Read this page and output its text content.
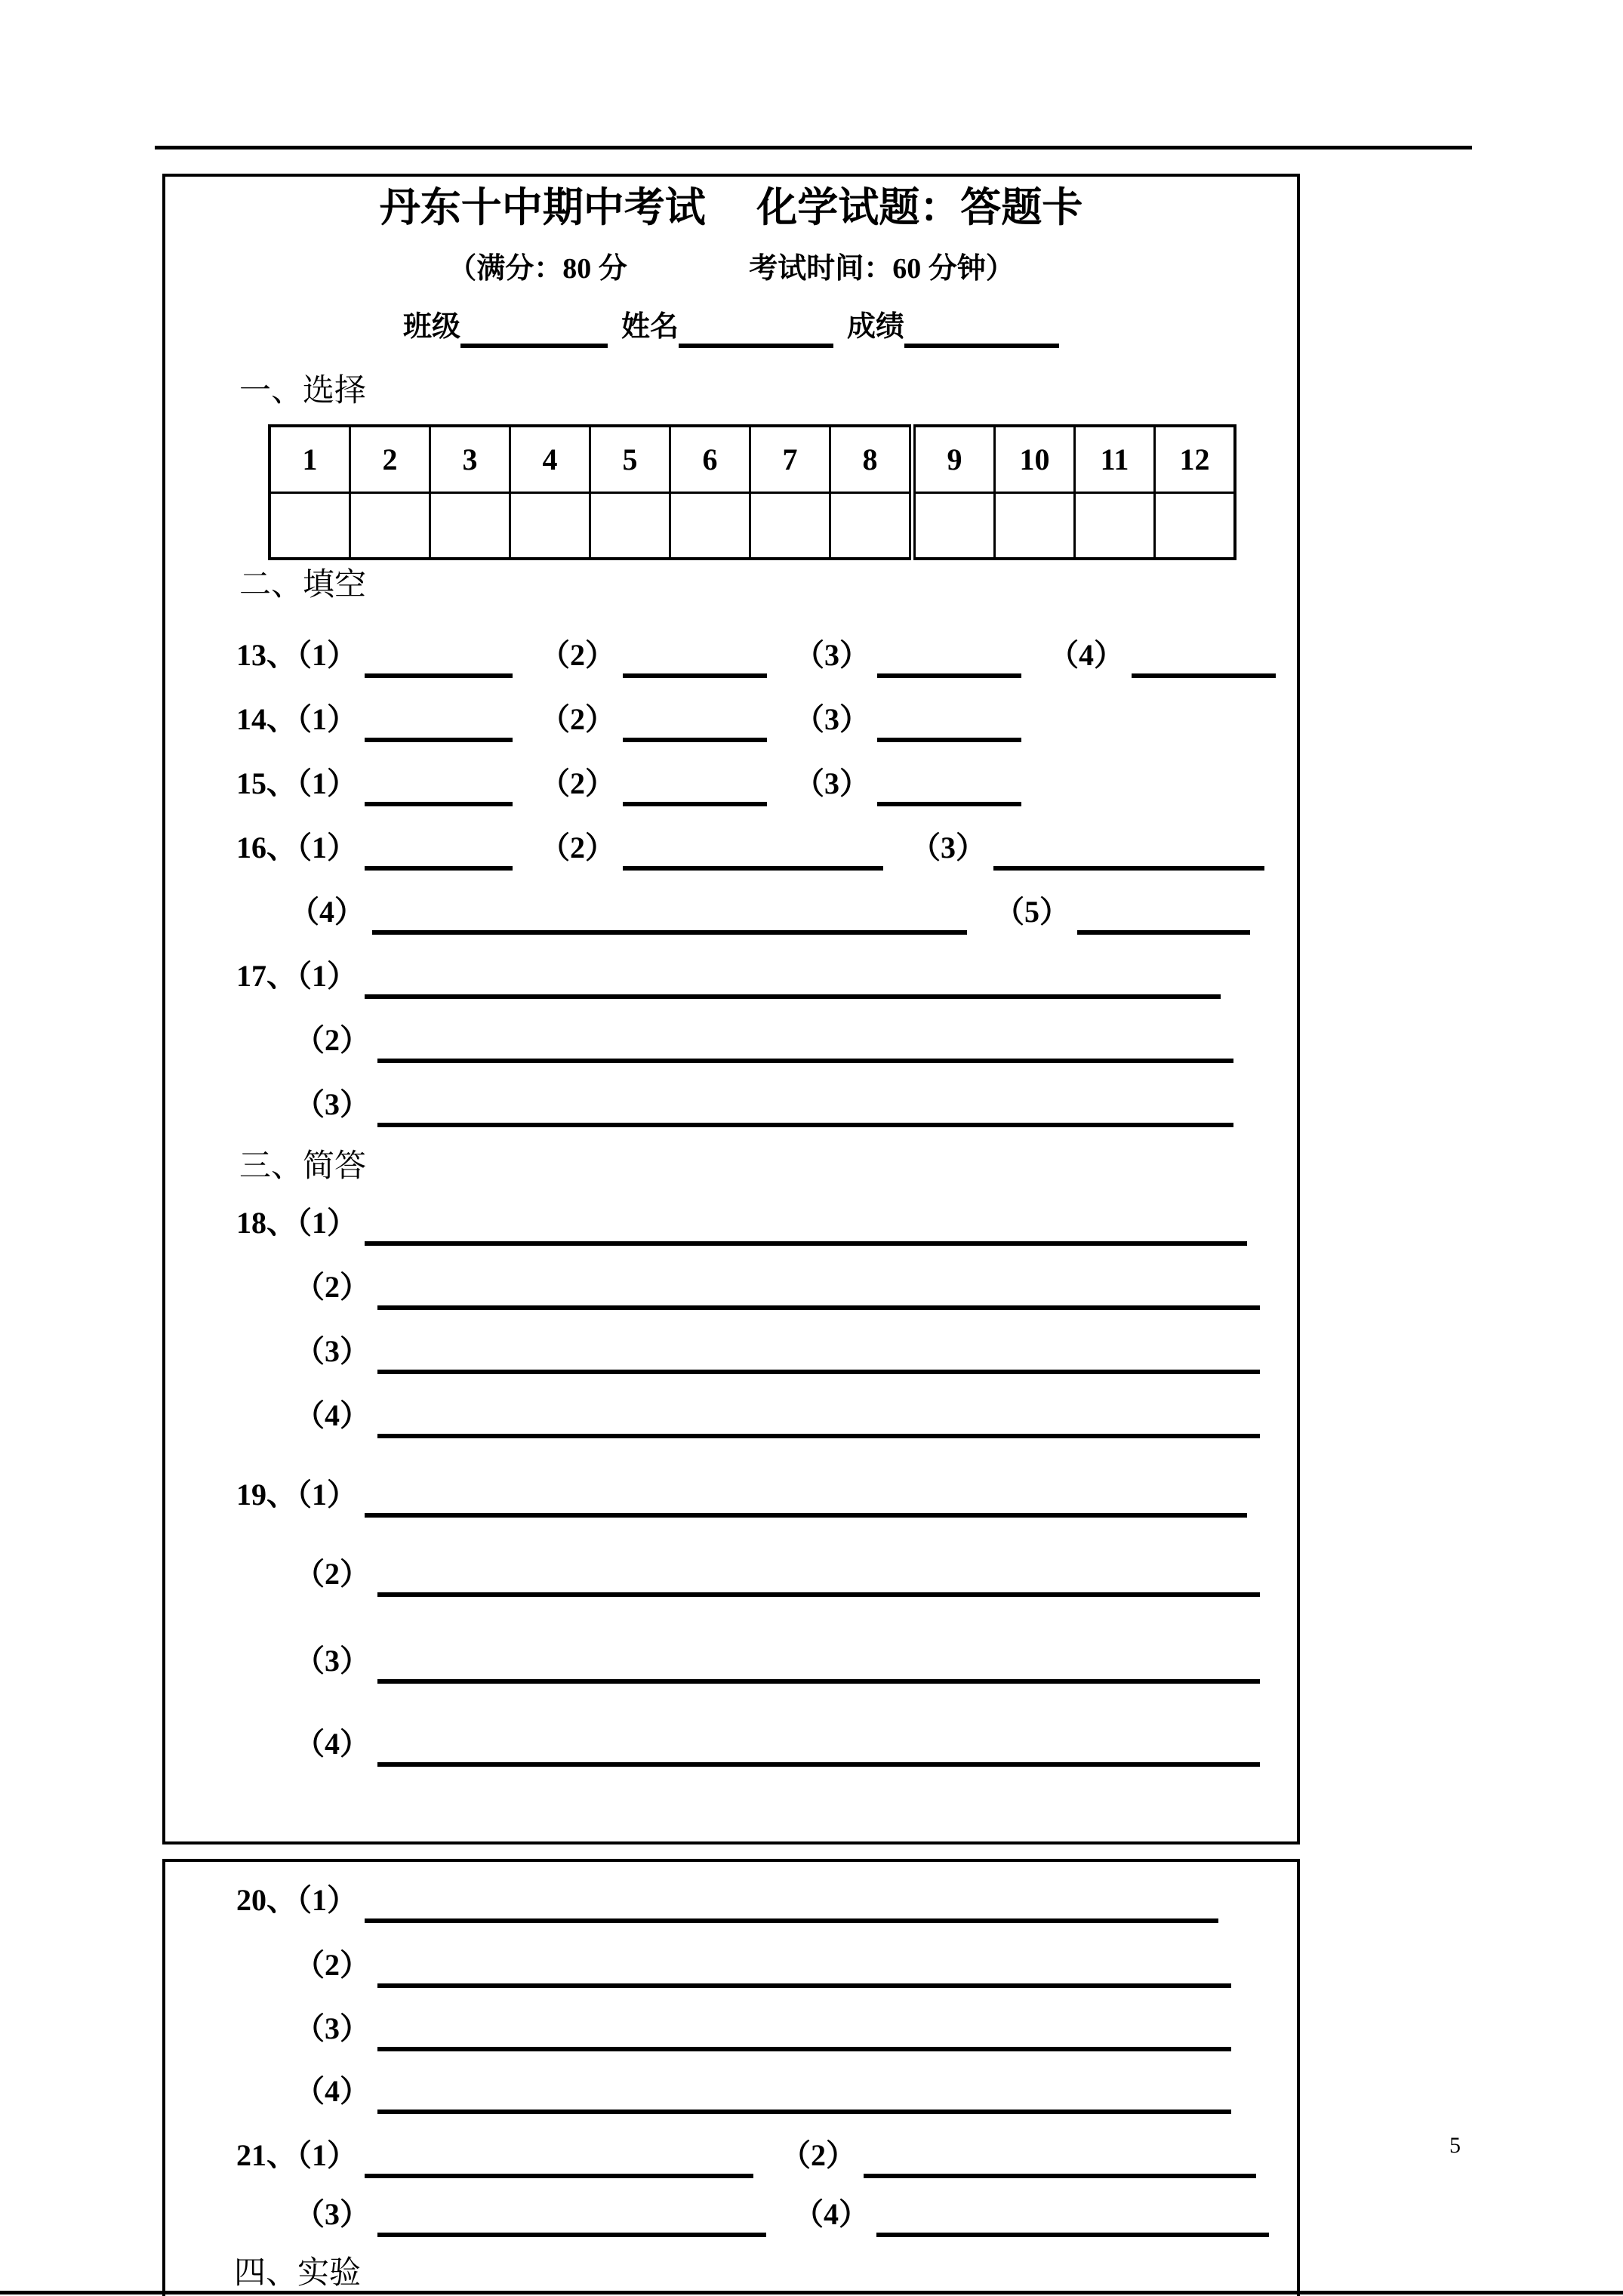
丹东十中期中考试　 化学试题：答题卡
（满分：80 分　　　　 考试时间：60 分钟）
班级	姓名	成绩
一、选择
1	2	3	4	5	6	7	8	9	10	11	12

二、填空
13、（1）	（2）	（3）	（4）
14、（1）	（2）	（3）
15、（1）	（2）	（3）
16、（1）	（2）	（3）
（4）	（5）
17、（1）
（2）
（3）
三、简答
18、（1）
（2）
（3）
（4）
19、（1）
（2）
（3）
（4）
20、（1）
（2）
（3）
（4）
21、（1）	（2）
（3）	（4）
四、实验
5
